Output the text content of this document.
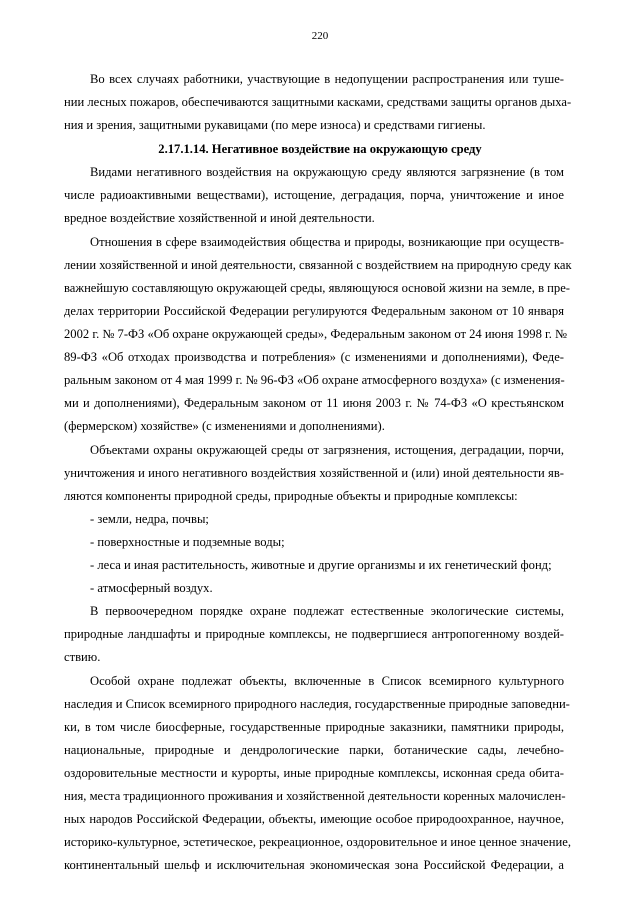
220
Во всех случаях работники, участвующие в недопущении распространения или туше-
нии лесных пожаров, обеспечиваются защитными касками, средствами защиты органов дыха-
ния и зрения, защитными рукавицами (по мере износа) и средствами гигиены.
2.17.1.14. Негативное воздействие на окружающую среду
Видами негативного воздействия на окружающую среду являются загрязнение (в том
числе радиоактивными веществами), истощение, деградация, порча, уничтожение и иное
вредное воздействие хозяйственной и иной деятельности.
Отношения в сфере взаимодействия общества и природы, возникающие при осуществ-
лении хозяйственной и иной деятельности, связанной с воздействием на природную среду как
важнейшую составляющую окружающей среды, являющуюся основой жизни на земле, в пре-
делах территории Российской Федерации регулируются Федеральным законом от 10 января
2002 г. № 7-ФЗ «Об охране окружающей среды», Федеральным законом от 24 июня 1998 г. №
89-ФЗ «Об отходах производства и потребления» (с изменениями и дополнениями), Феде-
ральным законом от 4 мая 1999 г. № 96-ФЗ «Об охране атмосферного воздуха» (с изменения-
ми и дополнениями), Федеральным законом от 11 июня 2003 г. № 74-ФЗ «О крестьянском
(фермерском) хозяйстве» (с изменениями и дополнениями).
Объектами охраны окружающей среды от загрязнения, истощения, деградации, порчи,
уничтожения и иного негативного воздействия хозяйственной и (или) иной деятельности яв-
ляются компоненты природной среды, природные объекты и природные комплексы:
- земли, недра, почвы;
- поверхностные и подземные воды;
- леса и иная растительность, животные и другие организмы и их генетический фонд;
- атмосферный воздух.
В первоочередном порядке охране подлежат естественные экологические системы,
природные ландшафты и природные комплексы, не подвергшиеся антропогенному воздей-
ствию.
Особой охране подлежат объекты, включенные в Список всемирного культурного
наследия и Список всемирного природного наследия, государственные природные заповедни-
ки, в том числе биосферные, государственные природные заказники, памятники природы,
национальные, природные и дендрологические парки, ботанические сады, лечебно-
оздоровительные местности и курорты, иные природные комплексы, исконная среда обита-
ния, места традиционного проживания и хозяйственной деятельности коренных малочислен-
ных народов Российской Федерации, объекты, имеющие особое природоохранное, научное,
историко-культурное, эстетическое, рекреационное, оздоровительное и иное ценное значение,
континентальный шельф и исключительная экономическая зона Российской Федерации, а
